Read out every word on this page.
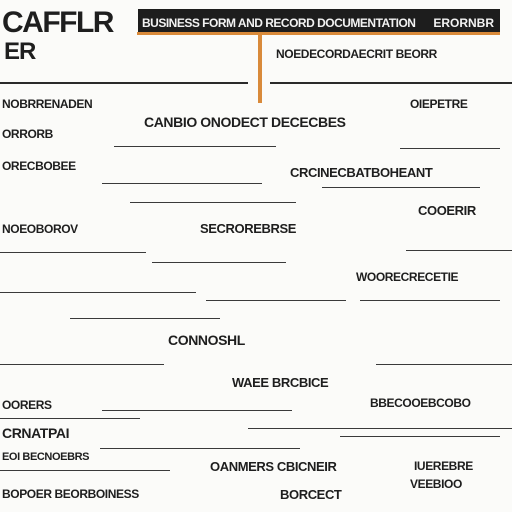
CAFFLR
ER
BUSINESS FORM AND RECORD DOCUMENTATION ERORNBR
NOEDECORDAECRIT BEORR
NOBRRENADEN	OIEPETRE
CANBIO ONODECT DECECBES
ORRORB
ORECBOBEE	CRCINECBATBOHEANT
COOERIR
NOEOBOROV	SECROREBRSE
WOORECRECETIE
CONNOSHL
WAEE BRCBICE
OORERS	BBECOOEBCOBO
CRNATPAI
EOI BECNOEBRS
OANMERS CBICNEIR	IUEREBRE
VEEBIOO
BOPOER BEORBOINESS	BORCECT
